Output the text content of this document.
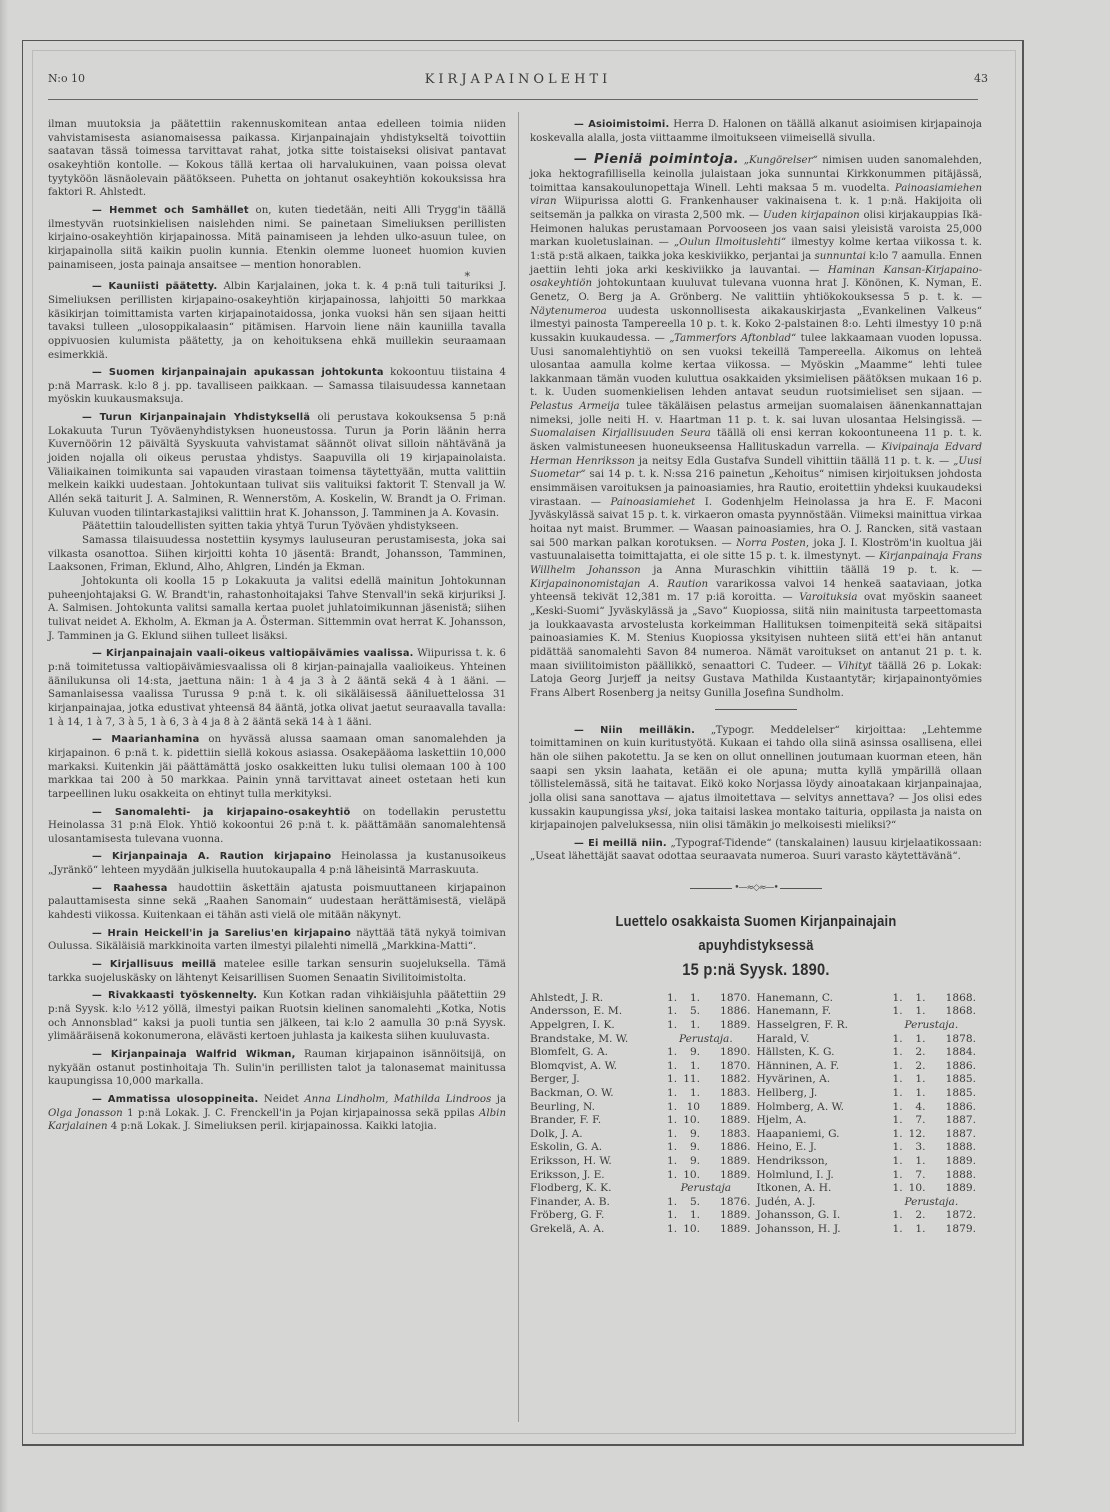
N:o 10	KIRJAPAINOLEHTI	43

ilman muutoksia ja päätettiin rakennuskomitean antaa edelleen toimia niiden vahvistamisesta asianomaisessa paikassa. Kirjanpainajain yhdistykseltä toivottiin saatavan tässä toimessa tarvittavat rahat, jotka sitte toistaiseksi olisivat pantavat osakeyhtiön kontolle. — Kokous tällä kertaa oli harvalukuinen, vaan poissa olevat tyytyköön läsnäolevain päätökseen. Puhetta on johtanut osakeyhtiön kokouksissa hra faktori R. Ahlstedt.

— Hemmet och Samhället on, kuten tiedetään, neiti Alli Trygg'in täällä ilmestyvän ruotsinkielisen naislehden nimi. Se painetaan Simeliuksen perillisten kirjaino-osakeyhtiön kirjapainossa. Mitä painamiseen ja lehden ulko-asuun tulee, on kirjapainolla siitä kaikin puolin kunnia. Etenkin olemme luoneet huomion kuvien painamiseen, josta painaja ansaitsee — mention honorablen.

*

— Kauniisti päätetty. Albin Karjalainen, joka t. k. 4 p:nä tuli taituriksi J. Simeliuksen perillisten kirjapaino-osakeyhtiön kirjapainossa, lahjoitti 50 markkaa käsikirjan toimittamista varten kirjapainotaidossa, jonka vuoksi hän sen sijaan heitti tavaksi tulleen „ulosoppikalaasin“ pitämisen. Harvoin liene näin kauniilla tavalla oppivuosien kulumista päätetty, ja on kehoituksena ehkä muillekin seuraamaan esimerkkiä.

— Suomen kirjanpainajain apukassan johtokunta kokoontuu tiistaina 4 p:nä Marrask. k:lo 8 j. pp. tavalliseen paikkaan. — Samassa tilaisuudessa kannetaan myöskin kuukausmaksuja.

— Turun Kirjanpainajain Yhdistyksellä oli perustava kokouksensa 5 p:nä Lokakuuta Turun Työväenyhdistyksen huoneustossa. Turun ja Porin läänin herra Kuvernöörin 12 päivältä Syyskuuta vahvistamat säännöt olivat silloin nähtävänä ja joiden nojalla oli oikeus perustaa yhdistys. Saapuvilla oli 19 kirjapainolaista. Väliaikainen toimikunta sai vapauden virastaan toimensa täytettyään, mutta valittiin melkein kaikki uudestaan. Johtokuntaan tulivat siis valituiksi faktorit T. Stenvall ja W. Allén sekä taiturit J. A. Salminen, R. Wennerstöm, A. Koskelin, W. Brandt ja O. Friman. Kuluvan vuoden tilintarkastajiksi valittiin hrat K. Johansson, J. Tamminen ja A. Kovasin.

Päätettiin taloudellisten syitten takia yhtyä Turun Työväen yhdistykseen.

Samassa tilaisuudessa nostettiin kysymys lauluseuran perustamisesta, joka sai vilkasta osanottoa. Siihen kirjoitti kohta 10 jäsentä: Brandt, Johansson, Tamminen, Laaksonen, Friman, Eklund, Alho, Ahlgren, Lindén ja Ekman.

Johtokunta oli koolla 15 p Lokakuuta ja valitsi edellä mainitun Johtokunnan puheenjohtajaksi G. W. Brandt'in, rahastonhoitajaksi Tahve Stenvall'in sekä kirjuriksi J. A. Salmisen. Johtokunta valitsi samalla kertaa puolet juhlatoimikunnan jäsenistä; siihen tulivat neidet A. Ekholm, A. Ekman ja A. Österman. Sittemmin ovat herrat K. Johansson, J. Tamminen ja G. Eklund siihen tulleet lisäksi.

— Kirjanpainajain vaali-oikeus valtiopäivämies vaalissa. Wiipurissa t. k. 6 p:nä toimitetussa valtiopäivämiesvaalissa oli 8 kirjan-painajalla vaalioikeus. Yhteinen äänilukunsa oli 14:sta, jaettuna näin: 1 à 4 ja 3 à 2 ääntä sekä 4 à 1 ääni. — Samanlaisessa vaalissa Turussa 9 p:nä t. k. oli sikäläisessä ääniluettelossa 31 kirjanpainajaa, jotka edustivat yhteensä 84 ääntä, jotka olivat jaetut seuraavalla tavalla: 1 à 14, 1 à 7, 3 à 5, 1 à 6, 3 à 4 ja 8 à 2 ääntä sekä 14 à 1 ääni.

— Maarianhamina on hyvässä alussa saamaan oman sanomalehden ja kirjapainon. 6 p:nä t. k. pidettiin siellä kokous asiassa. Osakepääoma laskettiin 10,000 markaksi. Kuitenkin jäi päättämättä josko osakkeitten luku tulisi olemaan 100 à 100 markkaa tai 200 à 50 markkaa. Painin ynnä tarvittavat aineet ostetaan heti kun tarpeellinen luku osakkeita on ehtinyt tulla merkityksi.

— Sanomalehti- ja kirjapaino-osakeyhtiö on todellakin perustettu Heinolassa 31 p:nä Elok. Yhtiö kokoontui 26 p:nä t. k. päättämään sanomalehtensä ulosantamisesta tulevana vuonna.

— Kirjanpainaja A. Raution kirjapaino Heinolassa ja kustanusoikeus „Jyränkö“ lehteen myydään julkisella huutokaupalla 4 p:nä läheisintä Marraskuuta.

— Raahessa haudottiin äskettäin ajatusta poismuuttaneen kirjapainon palauttamisesta sinne sekä „Raahen Sanomain“ uudestaan herättämisestä, vieläpä kahdesti viikossa. Kuitenkaan ei tähän asti vielä ole mitään näkynyt.

— Hrain Heickell'in ja Sarelius'en kirjapaino näyttää tätä nykyä toimivan Oulussa. Sikäläisiä markkinoita varten ilmestyi pilalehti nimellä „Markkina-Matti“.

— Kirjallisuus meillä matelee esille tarkan sensurin suojeluksella. Tämä tarkka suojeluskäsky on lähtenyt Keisarillisen Suomen Senaatin Sivilitoimistolta.

— Rivakkaasti työskennelty. Kun Kotkan radan vihkiäisjuhla päätettiin 29 p:nä Syysk. k:lo ½12 yöllä, ilmestyi paikan Ruotsin kielinen sanomalehti „Kotka, Notis och Annonsblad“ kaksi ja puoli tuntia sen jälkeen, tai k:lo 2 aamulla 30 p:nä Syysk. ylimääräisenä kokonumerona, elävästi kertoen juhlasta ja kaikesta siihen kuuluvasta.

— Kirjanpainaja Walfrid Wikman, Rauman kirjapainon isännöitsijä, on nykyään ostanut postinhoitaja Th. Sulin'in perillisten talot ja talonasemat mainitussa kaupungissa 10,000 markalla.

— Ammatissa ulosoppineita. Neidet Anna Lindholm, Mathilda Lindroos ja Olga Jonasson 1 p:nä Lokak. J. C. Frenckell'in ja Pojan kirjapainossa sekä ppilas Albin Karjalainen 4 p:nä Lokak. J. Simeliuksen peril. kirjapainossa. Kaikki latojia.

— Asioimistoimi. Herra D. Halonen on täällä alkanut asioimisen kirjapainoja koskevalla alalla, josta viittaamme ilmoitukseen viimeisellä sivulla.

— Pieniä poimintoja. „Kungörelser“ nimisen uuden sanomalehden, joka hektografillisella keinolla julaistaan joka sunnuntai Kirkkonummen pitäjässä, toimittaa kansakoulunopettaja Winell. Lehti maksaa 5 m. vuodelta. Painoasiamiehen viran Wiipurissa alotti G. Frankenhauser vakinaisena t. k. 1 p:nä. Hakijoita oli seitsemän ja palkka on virasta 2,500 mk. — Uuden kirjapainon olisi kirjakauppias Ikä-Heimonen halukas perustamaan Porvooseen jos vaan saisi yleisistä varoista 25,000 markan kuoletuslainan. — „Oulun Ilmoituslehti“ ilmestyy kolme kertaa viikossa t. k. 1:stä p:stä alkaen, taikka joka keskiviikko, perjantai ja sunnuntai k:lo 7 aamulla. Ennen jaettiin lehti joka arki keskiviikko ja lauvantai. — Haminan Kansan-Kirjapaino-osakeyhtiön johtokuntaan kuuluvat tulevana vuonna hrat J. Könönen, K. Nyman, E. Genetz, O. Berg ja A. Grönberg. Ne valittiin yhtiökokouksessa 5 p. t. k. — Näytenumeroa uudesta uskonnollisesta aikakauskirjasta „Evankelinen Valkeus“ ilmestyi painosta Tampereella 10 p. t. k. Koko 2-palstainen 8:o. Lehti ilmestyy 10 p:nä kussakin kuukaudessa. — „Tammerfors Aftonblad“ tulee lakkaamaan vuoden lopussa. Uusi sanomalehtiyhtiö on sen vuoksi tekeillä Tampereella. Aikomus on lehteä ulosantaa aamulla kolme kertaa viikossa. — Myöskin „Maamme“ lehti tulee lakkanmaan tämän vuoden kuluttua osakkaiden yksimielisen päätöksen mukaan 16 p. t. k. Uuden suomenkielisen lehden antavat seudun ruotsimieliset sen sijaan. — Pelastus Armeija tulee täkäläisen pelastus armeijan suomalaisen äänenkannattajan nimeksi, jolle neiti H. v. Haartman 11 p. t. k. sai luvan ulosantaa Helsingissä. — Suomalaisen Kirjallisuuden Seura täällä oli ensi kerran kokoontuneena 11 p. t. k. äsken valmistuneesen huoneukseensa Hallituskadun varrella. — Kivipainaja Edvard Herman Henriksson ja neitsy Edla Gustafva Sundell vihittiin täällä 11 p. t. k. — „Uusi Suometar“ sai 14 p. t. k. N:ssa 216 painetun „Kehoitus“ nimisen kirjoituksen johdosta ensimmäisen varoituksen ja painoasiamies, hra Rautio, eroitettiin yhdeksi kuukaudeksi virastaan. — Painoasiamiehet I. Godenhjelm Heinolassa ja hra E. F. Maconi Jyväskylässä saivat 15 p. t. k. virkaeron omasta pyynnöstään. Viimeksi mainittua virkaa hoitaa nyt maist. Brummer. — Waasan painoasiamies, hra O. J. Rancken, sitä vastaan sai 500 markan palkan korotuksen. — Norra Posten, joka J. I. Kloström'in kuoltua jäi vastuunalaisetta toimittajatta, ei ole sitte 15 p. t. k. ilmestynyt. — Kirjanpainaja Frans Willhelm Johansson ja Anna Muraschkin vihittiin täällä 19 p. t. k. — Kirjapainonomistajan A. Raution vararikossa valvoi 14 henkeä saataviaan, jotka yhteensä tekivät 12,381 m. 17 p:iä koroitta. — Varoituksia ovat myöskin saaneet „Keski-Suomi“ Jyväskylässä ja „Savo“ Kuopiossa, siitä niin mainitusta tarpeettomasta ja loukkaavasta arvostelusta korkeimman Hallituksen toimenpiteitä sekä sitäpaitsi painoasiamies K. M. Stenius Kuopiossa yksityisen nuhteen siitä ett'ei hän antanut pidättää sanomalehti Savon 84 numeroa. Nämät varoitukset on antanut 21 p. t. k. maan siviilitoimiston päällikkö, senaattori C. Tudeer. — Vihityt täällä 26 p. Lokak: Latoja Georg Jurjeff ja neitsy Gustava Mathilda Kustaantytär; kirjapainontyömies Frans Albert Rosenberg ja neitsy Gunilla Josefina Sundholm.

— Niin meilläkin. „Typogr. Meddelelser“ kirjoittaa: „Lehtemme toimittaminen on kuin kuritustyötä. Kukaan ei tahdo olla siinä asinssa osallisena, ellei hän ole siihen pakotettu. Ja se ken on ollut onnellinen joutumaan kuorman eteen, hän saapi sen yksin laahata, ketään ei ole apuna; mutta kyllä ympärillä ollaan töllistelemässä, sitä he taitavat. Eikö koko Norjassa löydy ainoatakaan kirjanpainajaa, jolla olisi sana sanottava — ajatus ilmoitettava — selvitys annettava? — Jos olisi edes kussakin kaupungissa yksi, joka taitaisi laskea montako taituria, oppilasta ja naista on kirjapainojen palveluksessa, niin olisi tämäkin jo melkoisesti mieliksi?“

— Ei meillä niin. „Typograf-Tidende“ (tanskalainen) lausuu kirjelaatikossaan: „Useat lähettäjät saavat odottaa seuraavata numeroa. Suuri varasto käytettävänä“.

•—≈◇≈—•
Luettelo osakkaista Suomen Kirjanpainajain apuyhdistyksessä
15 p:nä Syysk. 1890.
Ahlstedt, J. R.	1.	1.	1870.	Hanemann, C.	1.	1.	1868.
Andersson, E. M.	1.	5.	1886.	Hanemann, F.	1.	1.	1868.
Appelgren, I. K.	1.	1.	1889.	Hasselgren, F. R.	Perustaja.		
Brandstake, M. W.	Perustaja.			Harald, V.	1.	1.	1878.
Blomfelt, G. A.	1.	9.	1890.	Hällsten, K. G.	1.	2.	1884.
Blomqvist, A. W.	1.	1.	1870.	Hänninen, A. F.	1.	2.	1886.
Berger, J.	1.	11.	1882.	Hyvärinen, A.	1.	1.	1885.
Backman, O. W.	1.	1.	1883.	Hellberg, J.	1.	1.	1885.
Beurling, N.	1.	10	1889.	Holmberg, A. W.	1.	4.	1886.
Brander, F. F.	1.	10.	1889.	Hjelm, A.	1.	7.	1887.
Dolk, J. A.	1.	9.	1883.	Haapaniemi, G.	1.	12.	1887.
Eskolin, G. A.	1.	9.	1886.	Heino, E. J.	1.	3.	1888.
Eriksson, H. W.	1.	9.	1889.	Hendriksson,	1.	1.	1889.
Eriksson, J. E.	1.	10.	1889.	Holmlund, I. J.	1.	7.	1888.
Flodberg, K. K.	Perustaja			Itkonen, A. H.	1.	10.	1889.
Finander, A. B.	1.	5.	1876.	Judén, A. J.	Perustaja.		
Fröberg, G. F.	1.	1.	1889.	Johansson, G. I.	1.	2.	1872.
Grekelä, A. A.	1.	10.	1889.	Johansson, H. J.	1.	1.	1879.
